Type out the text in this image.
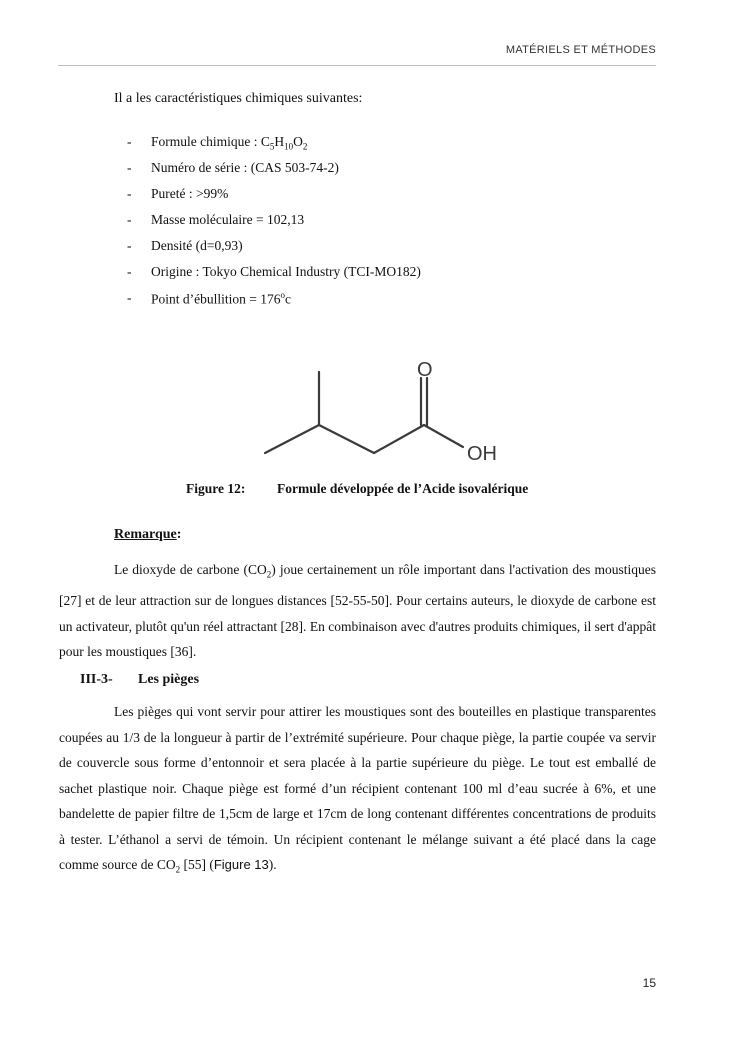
MATÉRIELS ET MÉTHODES
Il a les caractéristiques chimiques suivantes:
-	Formule chimique : $C_5H_{10}O_2$
-	Numéro de série : (CAS 503-74-2)
-	Pureté : >99%
-	Masse moléculaire = 102,13
-	Densité (d=0,93)
-	Origine : Tokyo Chemical Industry (TCI-MO182)
-	Point d’ébullition = $176^oc$
O
OH
Figure 12: Formule développée de l’Acide isovalérique
Remarque:
Le dioxyde de carbone $(CO_2)$ joue certainement un rôle important dans l'activation des moustiques [27] et de leur attraction sur de longues distances [52-55-50]. Pour certains auteurs, le dioxyde de carbone est un activateur, plutôt qu'un réel attractant [28]. En combinaison avec d'autres produits chimiques, il sert d'appât pour les moustiques [36].
III-3- Les pièges
Les pièges qui vont servir pour attirer les moustiques sont des bouteilles en plastique transparentes coupées au 1/3 de la longueur à partir de l’extrémité supérieure. Pour chaque piège, la partie coupée va servir de couvercle sous forme d’entonnoir et sera placée à la partie supérieure du piège. Le tout est emballé de sachet plastique noir. Chaque piège est formé d’un récipient contenant 100 ml d’eau sucrée à 6%, et une bandelette de papier filtre de 1,5cm de large et 17cm de long contenant différentes concentrations de produits à tester. L’éthanol a servi de témoin. Un récipient contenant le mélange suivant a été placé dans la cage comme source de $CO_2$ [55] (Figure 13).
15
